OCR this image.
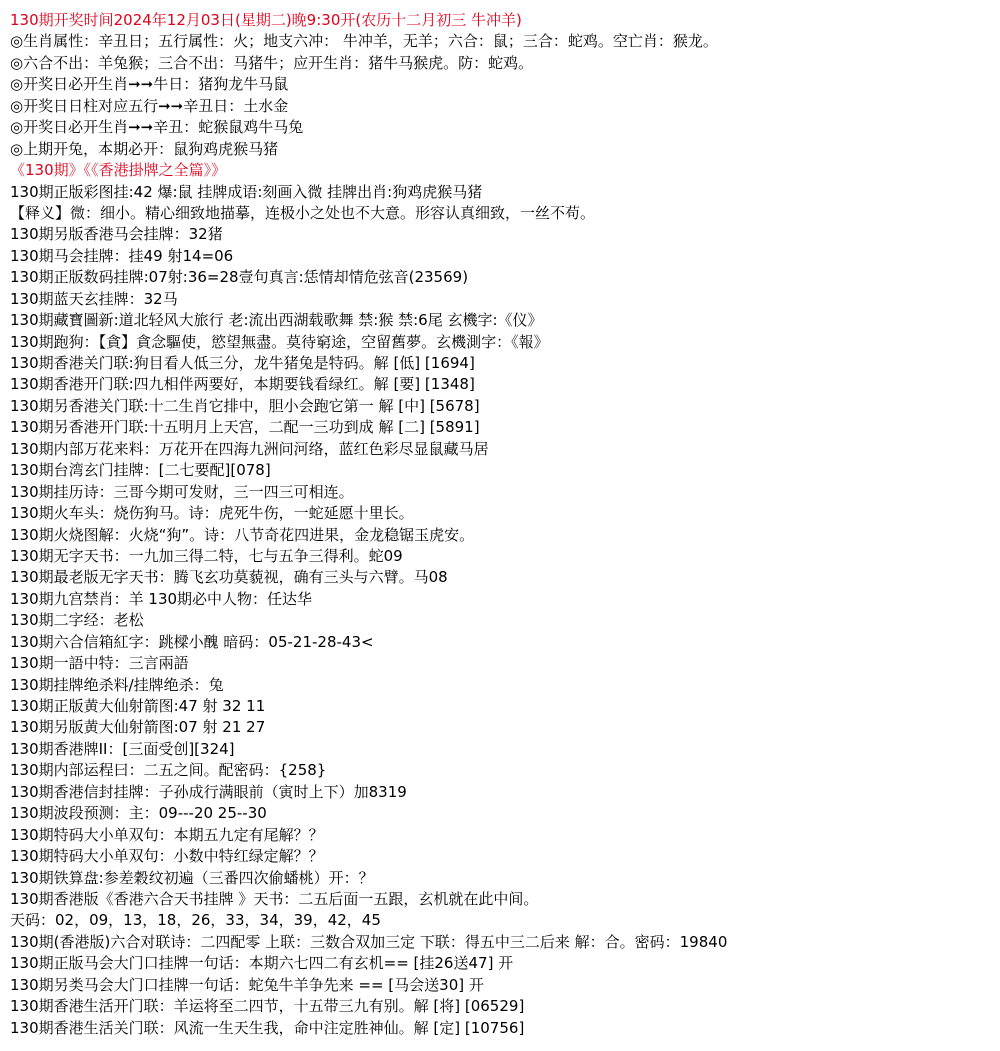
130期开奖时间2024年12月03日(星期二)晚9:30开(农历十二月初三 牛冲羊)
◎生肖属性：辛丑日；五行属性：火；地支六冲： 牛冲羊，无羊；六合：鼠；三合：蛇鸡。空亡肖：猴龙。
◎六合不出：羊兔猴；三合不出：马猪牛；应开生肖：猪牛马猴虎。防：蛇鸡。
◎开奖日必开生肖➞➞牛日：猪狗龙牛马鼠
◎开奖日日柱对应五行➞➞辛丑日：土水金
◎开奖日必开生肖➞➞辛丑：蛇猴鼠鸡牛马兔
◎上期开兔，本期必开：鼠狗鸡虎猴马猪
《130期》《《香港掛牌之全篇》》
130期正版彩图挂:42 爆:鼠 挂牌成语:刻画入微 挂牌出肖:狗鸡虎猴马猪
【释义】微：细小。精心细致地描摹，连极小之处也不大意。形容认真细致，一丝不苟。
130期另版香港马会挂牌：32猪
130期马会挂牌：挂49 射14=06
130期正版数码挂牌:07射:36=28壹句真言:恁情却情危弦音(23569)
130期蓝天玄挂牌：32马
130期藏寶圖新:道北轻风大旅行 老:流出西湖载歌舞 禁:猴 禁:6尾 玄機字:《仪》
130期跑狗：【貪】貪念驅使，慾望無盡。莫待窮途，空留舊夢。玄機測字：《報》
130期香港关门联:狗目看人低三分，龙牛猪兔是特码。解 [低] [1694]
130期香港开门联:四九相伴两要好，本期要钱看绿红。解 [要] [1348]
130期另香港关门联:十二生肖它排中，胆小会跑它第一 解 [中] [5678]
130期另香港开门联:十五明月上天宫，二配一三功到成 解 [二] [5891]
130期内部万花来料：万花开在四海九洲问河络，蓝红色彩尽显鼠藏马居
130期台湾玄门挂牌：[二七要配][078]
130期挂历诗：三哥今期可发财，三一四三可相连。
130期火车头：烧伤狗马。诗：虎死牛伤，一蛇延愿十里长。
130期火烧图解：火烧“狗”。诗：八节奇花四进果，金龙稳锯玉虎安。
130期无字天书：一九加三得二特，七与五争三得利。蛇09
130期最老版无字天书：腾飞玄功莫藐视，确有三头与六臂。马08
130期九宫禁肖：羊 130期必中人物：任达华
130期二字经：老松
130期六合信箱紅字：跳樑小醜 暗码：05-21-28-43<
130期一語中特：三言兩語
130期挂牌绝杀料/挂牌绝杀：兔
130期正版黄大仙射箭图:47 射 32 11
130期另版黄大仙射箭图:07 射 21 27
130期香港牌II：[三面受创][324]
130期内部运程曰：二五之间。配密码：{258}
130期香港信封挂牌：子孙成行满眼前（寅时上下）加8319
130期波段预测：主：09---20 25--30
130期特码大小单双句：本期五九定有尾解？？
130期特码大小单双句：小数中特红绿定解？？
130期铁算盘:参差穀纹初遍（三番四次偷蟠桃）开：？
130期香港版《香港六合天书挂牌 》天书：二五后面一五跟，玄机就在此中间。
天码：02，09，13，18，26，33，34，39，42，45
130期(香港版)六合对联诗：二四配零 上联：三数合双加三定 下联：得五中三二后来 解：合。密码：19840
130期正版马会大门口挂牌一句话：本期六七四二有玄机== [挂26送47] 开
130期另类马会大门口挂牌一句话：蛇兔牛羊争先来 == [马会送30] 开
130期香港生活开门联：羊运将至二四节，十五带三九有别。解 [将] [06529]
130期香港生活关门联：风流一生天生我，命中注定胜神仙。解 [定] [10756]
